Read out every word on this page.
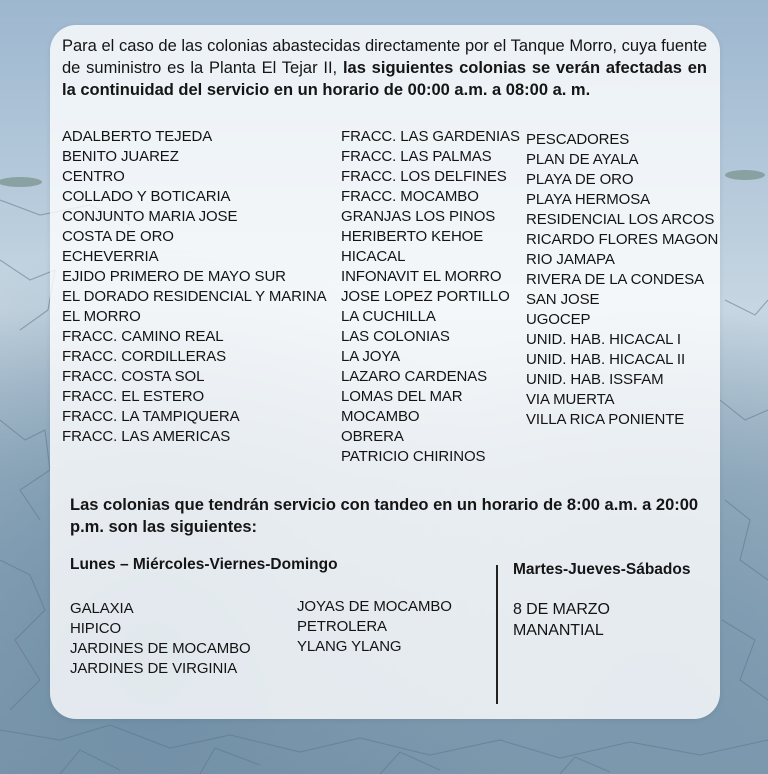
Para el caso de las colonias abastecidas directamente por el Tanque Morro, cuya fuente de suministro es la Planta El Tejar II, las siguientes colonias se verán afectadas en la continuidad del servicio en un horario de 00:00 a.m. a 08:00 a. m.

ADALBERTO TEJEDA
BENITO JUAREZ
CENTRO
COLLADO Y BOTICARIA
CONJUNTO MARIA JOSE
COSTA DE ORO
ECHEVERRIA
EJIDO PRIMERO DE MAYO SUR
EL DORADO RESIDENCIAL Y MARINA
EL MORRO
FRACC. CAMINO REAL
FRACC. CORDILLERAS
FRACC. COSTA SOL
FRACC. EL ESTERO
FRACC. LA TAMPIQUERA
FRACC. LAS AMERICAS
FRACC. LAS GARDENIAS
FRACC. LAS PALMAS
FRACC. LOS DELFINES
FRACC. MOCAMBO
GRANJAS LOS PINOS
HERIBERTO KEHOE
HICACAL
INFONAVIT EL MORRO
JOSE LOPEZ PORTILLO
LA CUCHILLA
LAS COLONIAS
LA JOYA
LAZARO CARDENAS
LOMAS DEL MAR
MOCAMBO
OBRERA
PATRICIO CHIRINOS
PESCADORES
PLAN DE AYALA
PLAYA DE ORO
PLAYA HERMOSA
RESIDENCIAL LOS ARCOS
RICARDO FLORES MAGON
RIO JAMAPA
RIVERA DE LA CONDESA
SAN JOSE
UGOCEP
UNID. HAB. HICACAL I
UNID. HAB. HICACAL II
UNID. HAB. ISSFAM
VIA MUERTA
VILLA RICA PONIENTE

Las colonias que tendrán servicio con tandeo en un horario de 8:00 a.m. a 20:00 p.m. son las siguientes:

Lunes – Miércoles-Viernes-Domingo	Martes-Jueves-Sábados
GALAXIA
HIPICO
JARDINES DE MOCAMBO
JARDINES DE VIRGINIA
JOYAS DE MOCAMBO
PETROLERA
YLANG YLANG
8 DE MARZO
MANANTIAL
